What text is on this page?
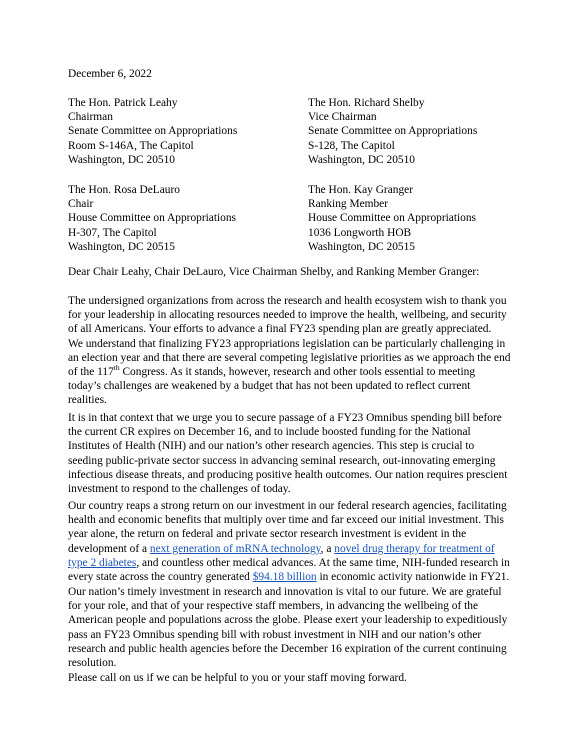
December 6, 2022
The Hon. Patrick Leahy
Chairman
Senate Committee on Appropriations
Room S-146A, The Capitol
Washington, DC 20510
The Hon. Richard Shelby
Vice Chairman
Senate Committee on Appropriations
S-128, The Capitol
Washington, DC 20510
The Hon. Rosa DeLauro
Chair
House Committee on Appropriations
H-307, The Capitol
Washington, DC 20515
The Hon. Kay Granger
Ranking Member
House Committee on Appropriations
1036 Longworth HOB
Washington, DC 20515
Dear Chair Leahy, Chair DeLauro, Vice Chairman Shelby, and Ranking Member Granger:
The undersigned organizations from across the research and health ecosystem wish to thank you
for your leadership in allocating resources needed to improve the health, wellbeing, and security
of all Americans. Your efforts to advance a final FY23 spending plan are greatly appreciated.
We understand that finalizing FY23 appropriations legislation can be particularly challenging in
an election year and that there are several competing legislative priorities as we approach the end
of the 117th Congress. As it stands, however, research and other tools essential to meeting
today’s challenges are weakened by a budget that has not been updated to reflect current
realities.
It is in that context that we urge you to secure passage of a FY23 Omnibus spending bill before
the current CR expires on December 16, and to include boosted funding for the National
Institutes of Health (NIH) and our nation’s other research agencies. This step is crucial to
seeding public-private sector success in advancing seminal research, out-innovating emerging
infectious disease threats, and producing positive health outcomes. Our nation requires prescient
investment to respond to the challenges of today.
Our country reaps a strong return on our investment in our federal research agencies, facilitating
health and economic benefits that multiply over time and far exceed our initial investment. This
year alone, the return on federal and private sector research investment is evident in the
development of a next generation of mRNA technology, a novel drug therapy for treatment of
type 2 diabetes, and countless other medical advances. At the same time, NIH-funded research in
every state across the country generated $94.18 billion in economic activity nationwide in FY21.
Our nation’s timely investment in research and innovation is vital to our future. We are grateful
for your role, and that of your respective staff members, in advancing the wellbeing of the
American people and populations across the globe. Please exert your leadership to expeditiously
pass an FY23 Omnibus spending bill with robust investment in NIH and our nation’s other
research and public health agencies before the December 16 expiration of the current continuing
resolution.
Please call on us if we can be helpful to you or your staff moving forward.
